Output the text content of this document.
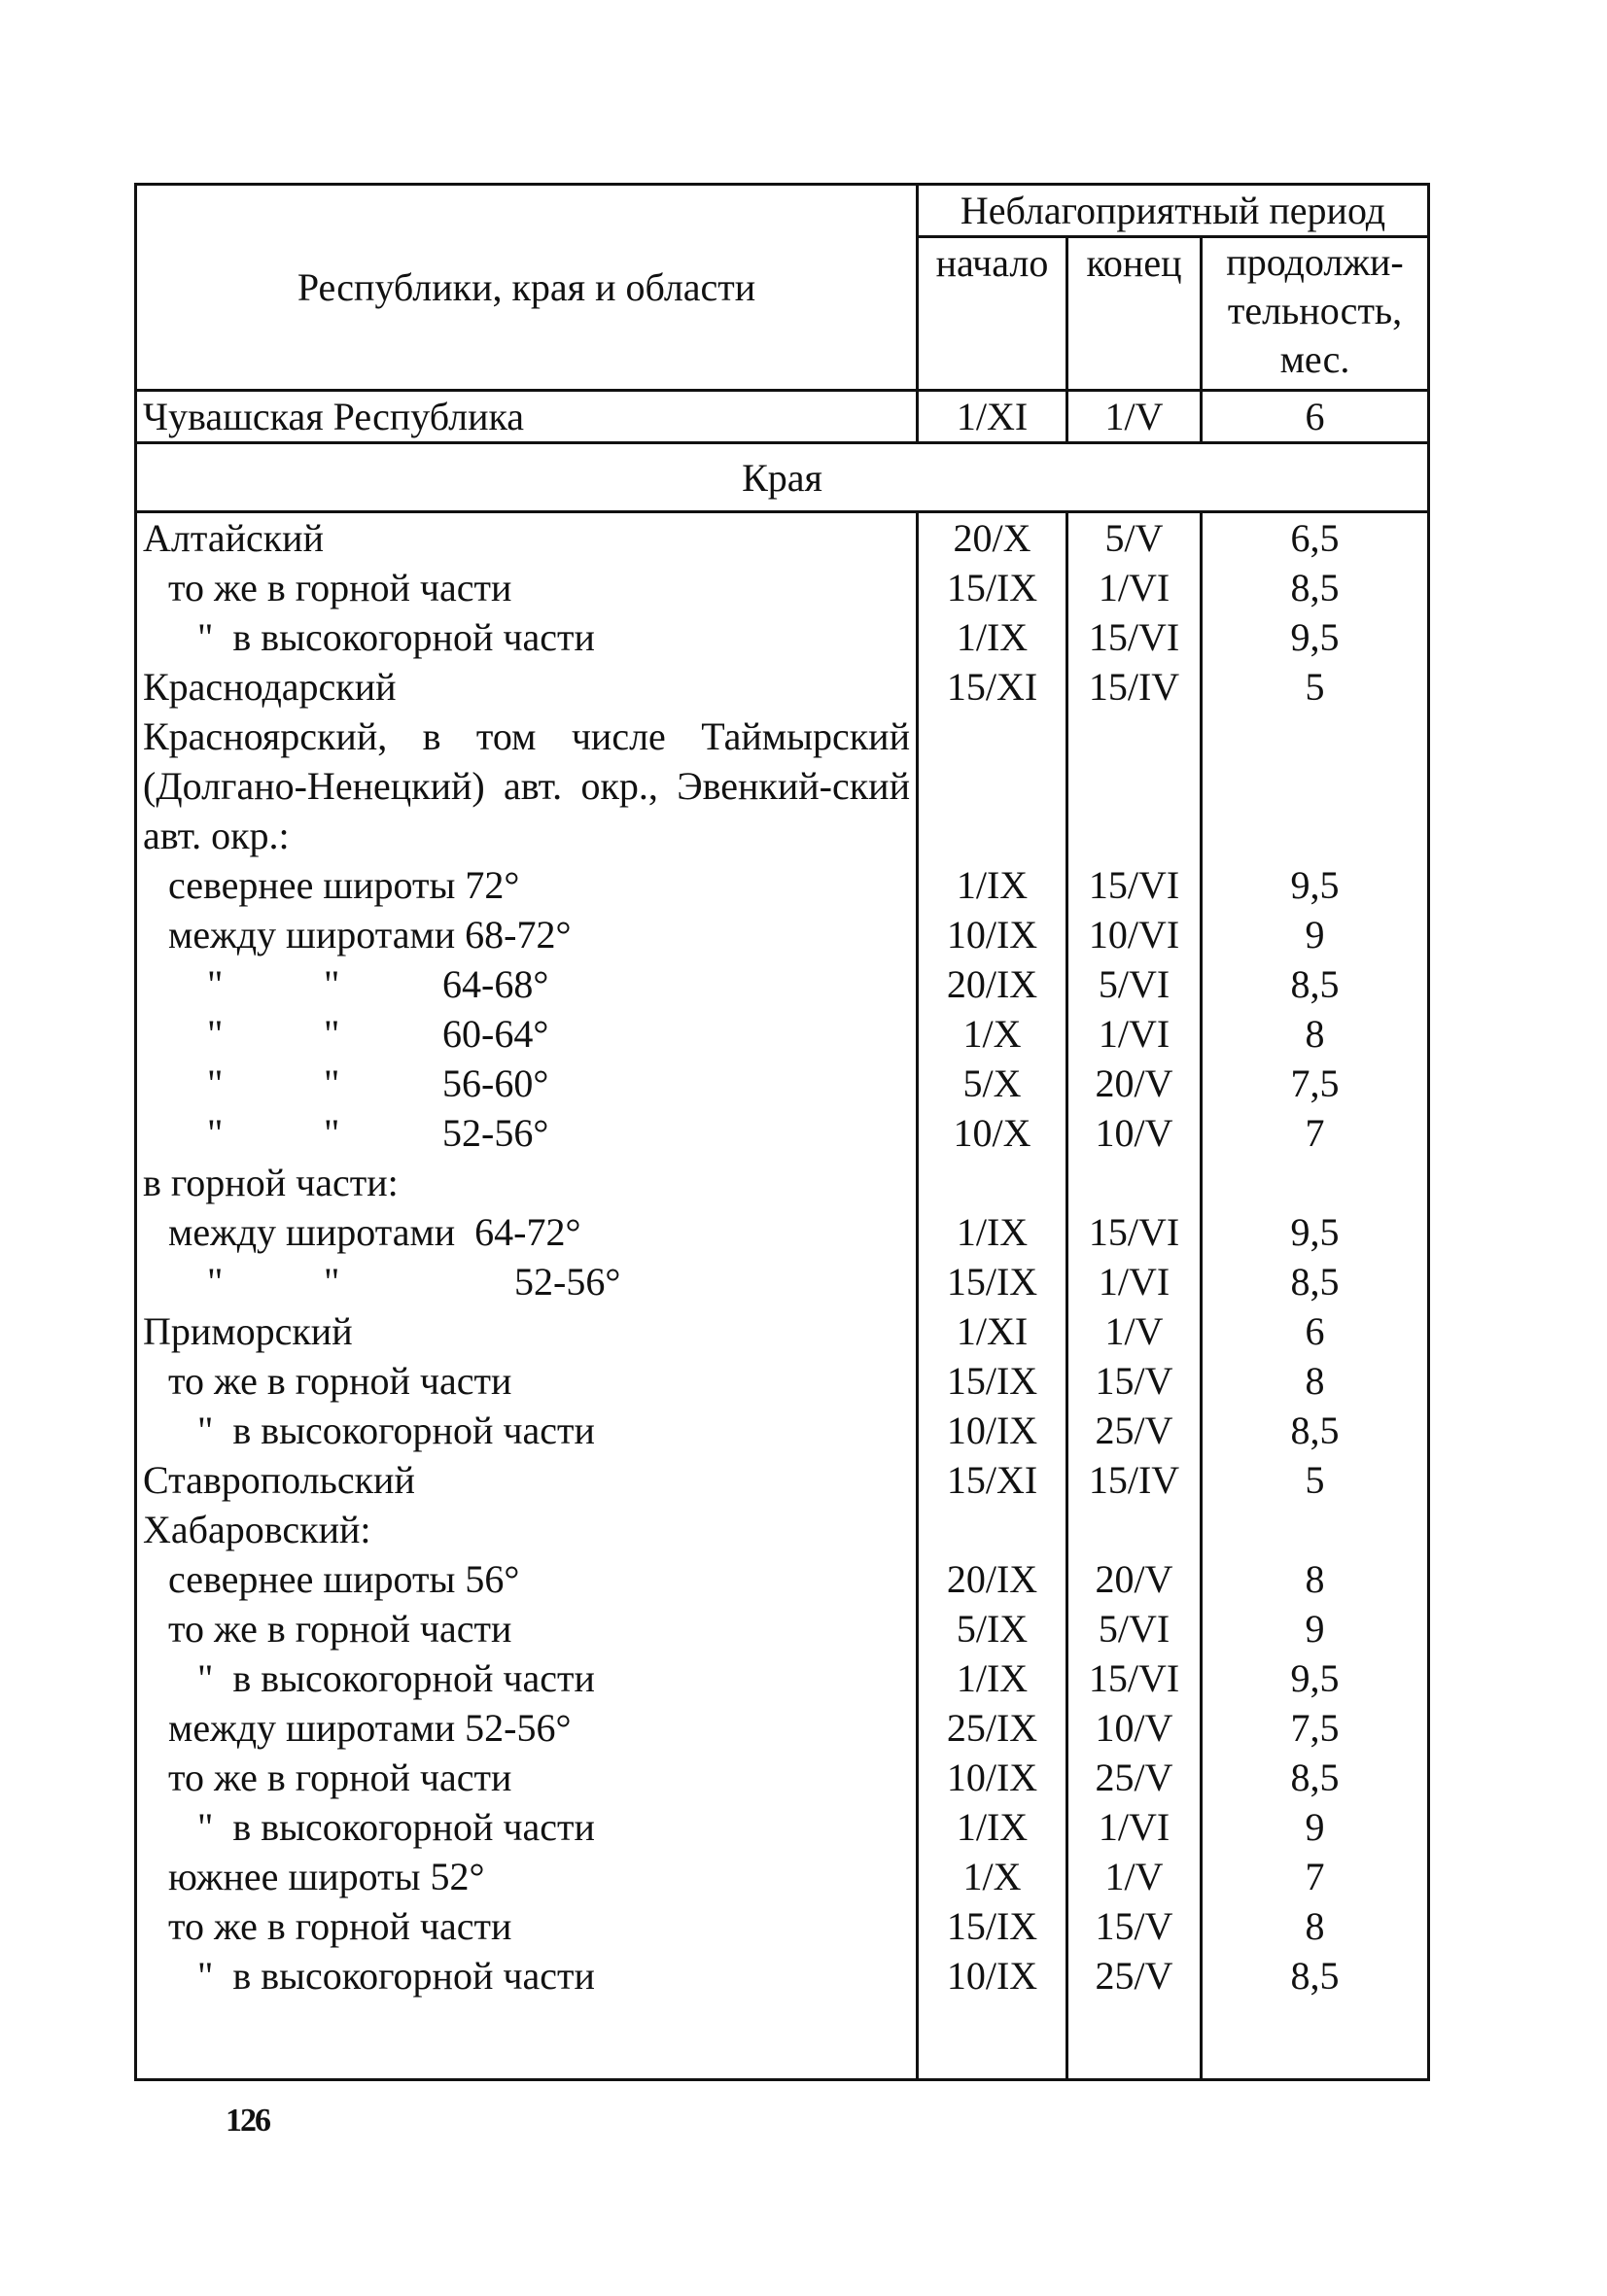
Республики, края и области	Неблагоприятный период		
	начало	конец	продолжи-тельность, мес.
Чувашская Республика	1/XI	1/V	6
Края			
Алтайский	20/X	5/V	6,5
то же в горной части	15/IX	1/VI	8,5
"  в высокогорной части	1/IX	15/VI	9,5
Краснодарский	15/XI	15/IV	5
Красноярский, в том числе Таймырский (Долгано-Ненецкий) авт. окр., Эвенкий-ский авт. окр.:			
севернее широты 72°	1/IX	15/VI	9,5
между широтами 68-72°	10/IX	10/VI	9
" " 64-68°	20/IX	5/VI	8,5
" " 60-64°	1/X	1/VI	8
" " 56-60°	5/X	20/V	7,5
" " 52-56°	10/X	10/V	7
в горной части:			
между широтами  64-72°	1/IX	15/VI	9,5
" " 52-56°	15/IX	1/VI	8,5
Приморский	1/XI	1/V	6
то же в горной части	15/IX	15/V	8
"  в высокогорной части	10/IX	25/V	8,5
Ставропольский	15/XI	15/IV	5
Хабаровский:			
севернее широты 56°	20/IX	20/V	8
то же в горной части	5/IX	5/VI	9
"  в высокогорной части	1/IX	15/VI	9,5
между широтами 52-56°	25/IX	10/V	7,5
то же в горной части	10/IX	25/V	8,5
"  в высокогорной части	1/IX	1/VI	9
южнее широты 52°	1/X	1/V	7
то же в горной части	15/IX	15/V	8
"  в высокогорной части	10/IX	25/V	8,5

126
